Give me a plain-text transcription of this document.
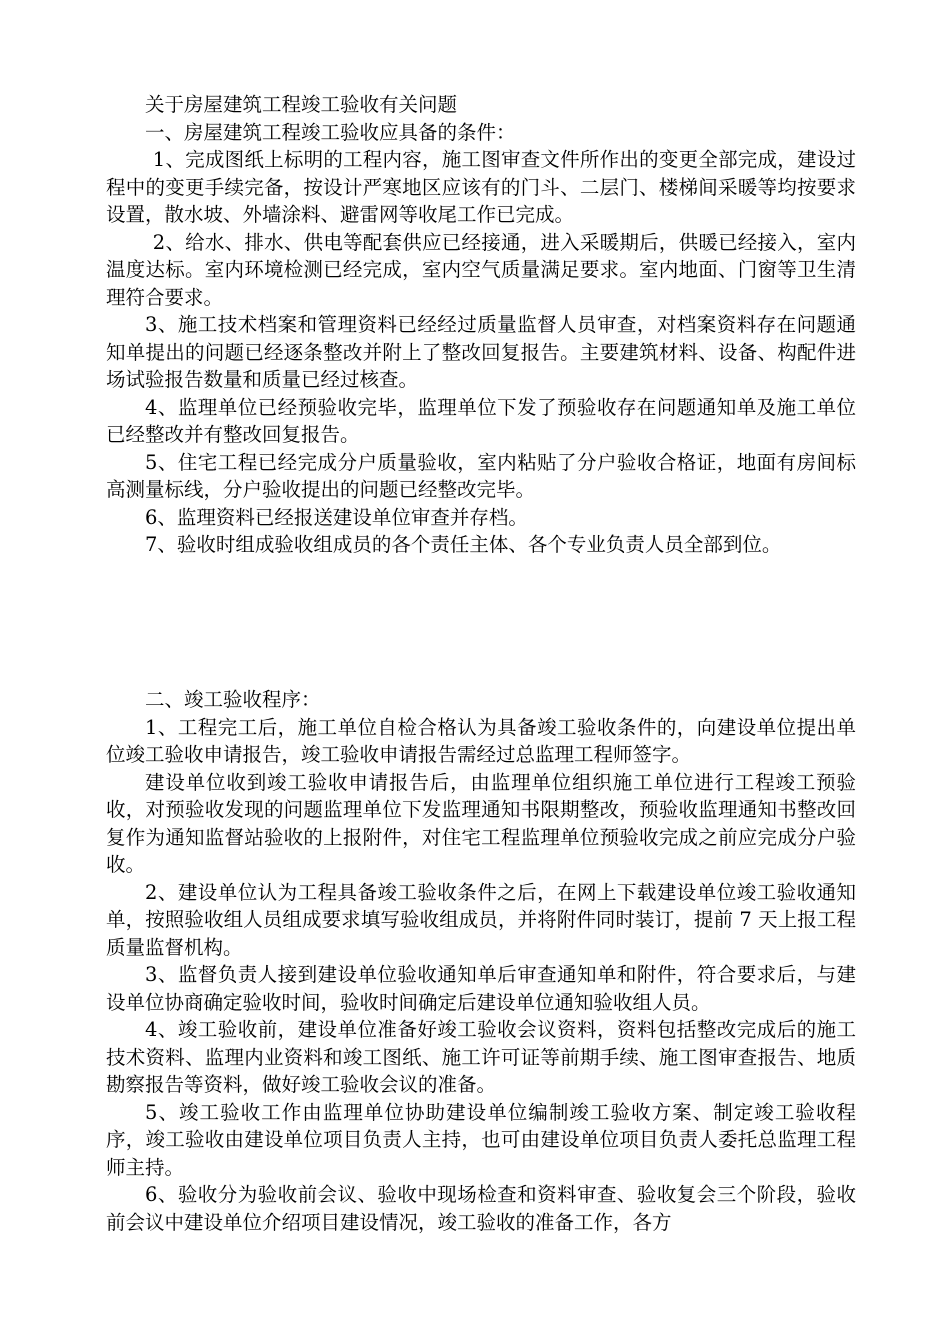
关于房屋建筑工程竣工验收有关问题

一、房屋建筑工程竣工验收应具备的条件：

1、完成图纸上标明的工程内容，施工图审查文件所作出的变更全部完成，建设过程中的变更手续完备，按设计严寒地区应该有的门斗、二层门、楼梯间采暖等均按要求设置，散水坡、外墙涂料、避雷网等收尾工作已完成。

2、给水、排水、供电等配套供应已经接通，进入采暖期后，供暖已经接入，室内温度达标。室内环境检测已经完成，室内空气质量满足要求。室内地面、门窗等卫生清理符合要求。

3、施工技术档案和管理资料已经经过质量监督人员审查，对档案资料存在问题通知单提出的问题已经逐条整改并附上了整改回复报告。主要建筑材料、设备、构配件进场试验报告数量和质量已经过核查。

4、监理单位已经预验收完毕，监理单位下发了预验收存在问题通知单及施工单位已经整改并有整改回复报告。

5、住宅工程已经完成分户质量验收，室内粘贴了分户验收合格证，地面有房间标高测量标线，分户验收提出的问题已经整改完毕。

6、监理资料已经报送建设单位审查并存档。

7、验收时组成验收组成员的各个责任主体、各个专业负责人员全部到位。

二、竣工验收程序：

1、工程完工后，施工单位自检合格认为具备竣工验收条件的，向建设单位提出单位竣工验收申请报告，竣工验收申请报告需经过总监理工程师签字。

建设单位收到竣工验收申请报告后，由监理单位组织施工单位进行工程竣工预验收，对预验收发现的问题监理单位下发监理通知书限期整改，预验收监理通知书整改回复作为通知监督站验收的上报附件，对住宅工程监理单位预验收完成之前应完成分户验收。

2、建设单位认为工程具备竣工验收条件之后，在网上下载建设单位竣工验收通知单，按照验收组人员组成要求填写验收组成员，并将附件同时装订，提前 7 天上报工程质量监督机构。

3、监督负责人接到建设单位验收通知单后审查通知单和附件，符合要求后，与建设单位协商确定验收时间，验收时间确定后建设单位通知验收组人员。

4、竣工验收前，建设单位准备好竣工验收会议资料，资料包括整改完成后的施工技术资料、监理内业资料和竣工图纸、施工许可证等前期手续、施工图审查报告、地质勘察报告等资料，做好竣工验收会议的准备。

5、竣工验收工作由监理单位协助建设单位编制竣工验收方案、制定竣工验收程序，竣工验收由建设单位项目负责人主持，也可由建设单位项目负责人委托总监理工程师主持。

6、验收分为验收前会议、验收中现场检查和资料审查、验收复会三个阶段，验收前会议中建设单位介绍项目建设情况，竣工验收的准备工作，各方
